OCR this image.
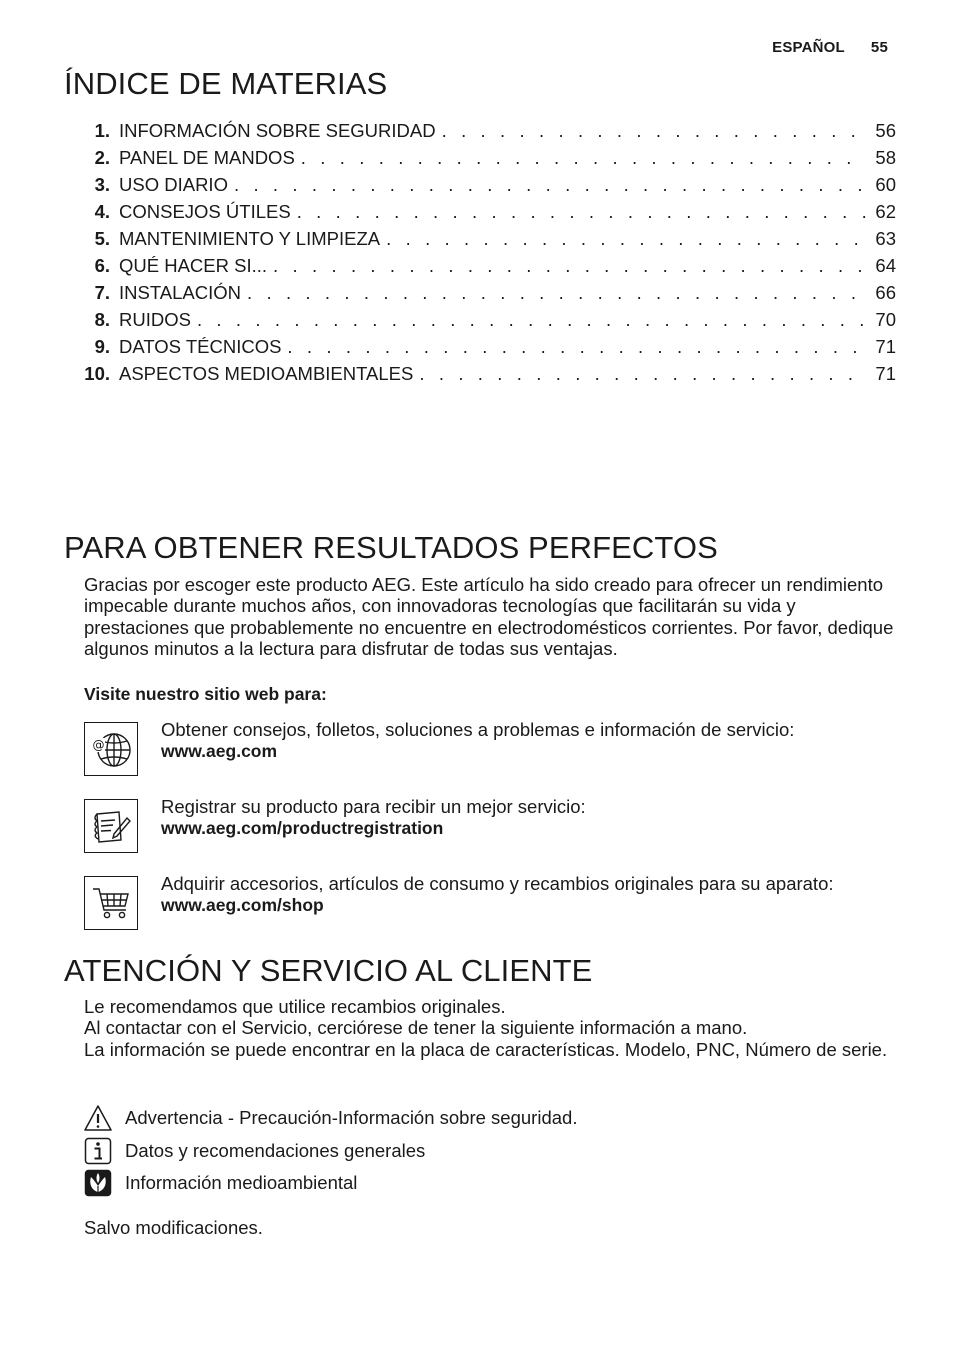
ESPAÑOL 55
ÍNDICE DE MATERIAS
1. INFORMACIÓN SOBRE SEGURIDAD . . .	56
2. PANEL DE MANDOS . . .	58
3. USO DIARIO . . .	60
4. CONSEJOS ÚTILES . . .	62
5. MANTENIMIENTO Y LIMPIEZA . . .	63
6. QUÉ HACER SI... . . .	64
7. INSTALACIÓN . . .	66
8. RUIDOS . . .	70
9. DATOS TÉCNICOS . . .	71
10. ASPECTOS MEDIOAMBIENTALES . . .	71
PARA OBTENER RESULTADOS PERFECTOS

Gracias por escoger este producto AEG. Este artículo ha sido creado para ofrecer un rendimiento impecable durante muchos años, con innovadoras tecnologías que facilitarán su vida y prestaciones que probablemente no encuentre en electrodomésticos corrientes. Por favor, dedique algunos minutos a la lectura para disfrutar de todas sus ventajas.

Visite nuestro sitio web para:

@
Obtener consejos, folletos, soluciones a problemas e información de servicio:
www.aeg.com
Registrar su producto para recibir un mejor servicio:
www.aeg.com/productregistration
Adquirir accesorios, artículos de consumo y recambios originales para su aparato:
www.aeg.com/shop
ATENCIÓN Y SERVICIO AL CLIENTE
Le recomendamos que utilice recambios originales.
Al contactar con el Servicio, cerciórese de tener la siguiente información a mano.
La información se puede encontrar en la placa de características. Modelo, PNC, Número de serie.
Advertencia - Precaución-Información sobre seguridad.
Datos y recomendaciones generales
Información medioambiental

Salvo modificaciones.
